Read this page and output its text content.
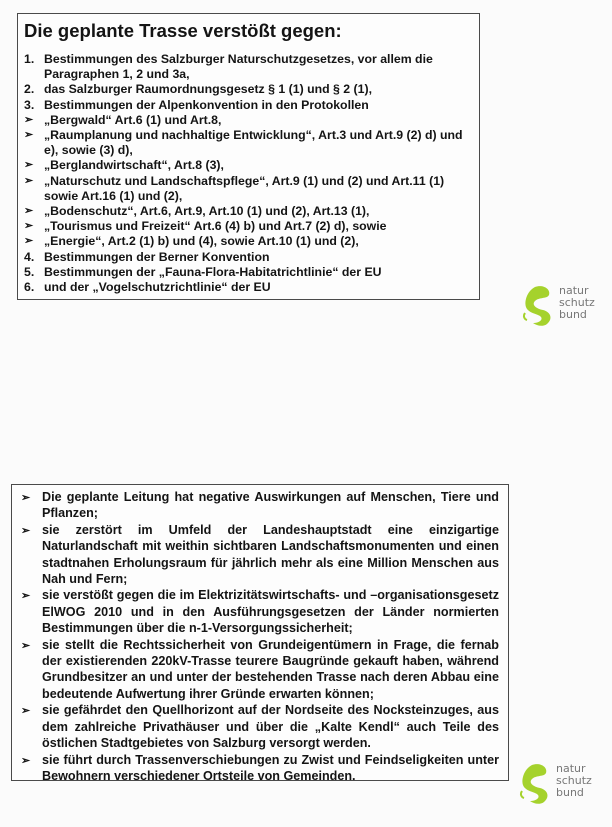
Die geplante Trasse verstößt gegen:
1. Bestimmungen des Salzburger Naturschutzgesetzes, vor allem die Paragraphen 1, 2 und 3a,
2. das Salzburger Raumordnungsgesetz § 1 (1) und § 2 (1),
3. Bestimmungen der Alpenkonvention in den Protokollen
➢ „Bergwald“ Art.6 (1) und Art.8,
➢ „Raumplanung und nachhaltige Entwicklung“, Art.3 und Art.9 (2) d) und e), sowie (3) d),
➢ „Berglandwirtschaft“, Art.8 (3),
➢ „Naturschutz und Landschaftspflege“, Art.9 (1) und (2) und Art.11 (1) sowie Art.16 (1) und (2),
➢ „Bodenschutz“, Art.6, Art.9, Art.10 (1) und (2), Art.13 (1),
➢ „Tourismus und Freizeit“ Art.6 (4) b) und Art.7 (2) d), sowie
➢ „Energie“, Art.2 (1) b) und (4), sowie Art.10 (1) und (2),
4. Bestimmungen der Berner Konvention
5. Bestimmungen der „Fauna-Flora-Habitatrichtlinie“ der EU
6. und der „Vogelschutzrichtlinie“ der EU	natur
schutz
bund
➢ Die geplante Leitung hat negative Auswirkungen auf Menschen, Tiere und Pflanzen;
➢ sie zerstört im Umfeld der Landeshauptstadt eine einzigartige Naturlandschaft mit weithin sichtbaren Landschaftsmonumenten und einen stadtnahen Erholungsraum für jährlich mehr als eine Million Menschen aus Nah und Fern;
➢ sie verstößt gegen die im Elektrizitätswirtschafts- und –organisationsgesetz ElWOG 2010 und in den Ausführungsgesetzen der Länder normierten Bestimmungen über die n-1-Versorgungssicherheit;
➢ sie stellt die Rechtssicherheit von Grundeigentümern in Frage, die fernab der existierenden 220kV-Trasse teurere Baugründe gekauft haben, während Grundbesitzer an und unter der bestehenden Trasse nach deren Abbau eine bedeutende Aufwertung ihrer Gründe erwarten können;
➢ sie gefährdet den Quellhorizont auf der Nordseite des Nocksteinzuges, aus dem zahlreiche Privathäuser und über die „Kalte Kendl“ auch Teile des östlichen Stadtgebietes von Salzburg versorgt werden.
➢ sie führt durch Trassenverschiebungen zu Zwist und Feindseligkeiten unter Bewohnern verschiedener Ortsteile von Gemeinden.
natur
schutz
bund
